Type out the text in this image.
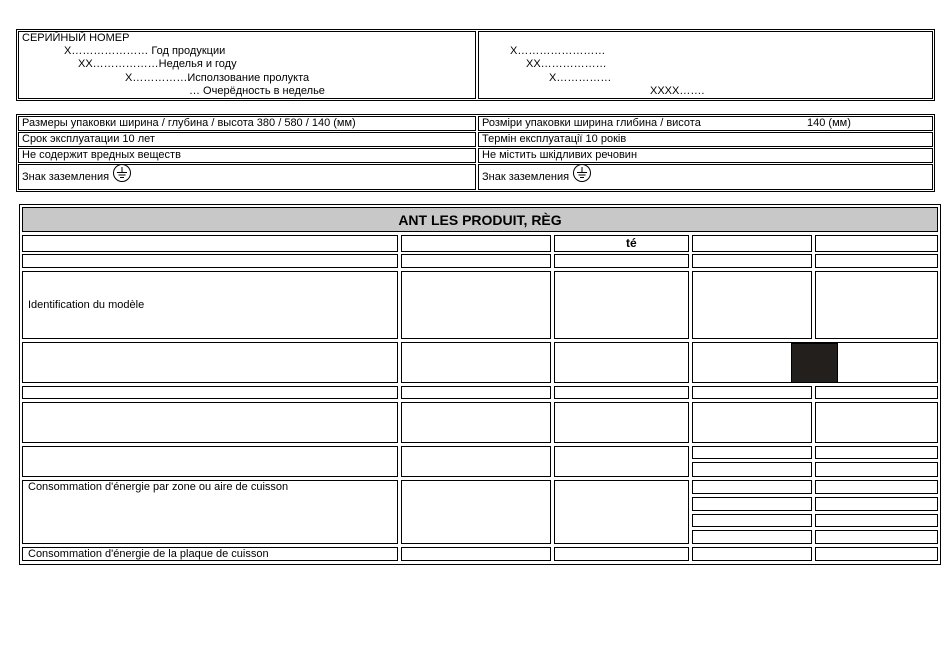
СЕРИЙНЫЙ НОМЕР
X………………… Год продукции
XX………………Неделья и году
X……………Исползование пролукта
… Очерёдность в неделье
X……………………
XX………………
X……………
XXXX…….
Размеры упаковки ширина / глубина / высота 380 / 580 / 140 (мм)
Срок эксплуатации 10 лет
Не содержит вредных веществ
Знак заземления
Розміри упаковки ширина глибина / висота	140 (мм)
Термін експлуатації 10 років
Не містить шкідливих речовин
Знак заземления
ANT LES PRODUIT, RÈG
té
Identification du modèle
Consommation d'énergie par zone ou aire de cuisson
Consommation d'énergie de la plaque de cuisson
